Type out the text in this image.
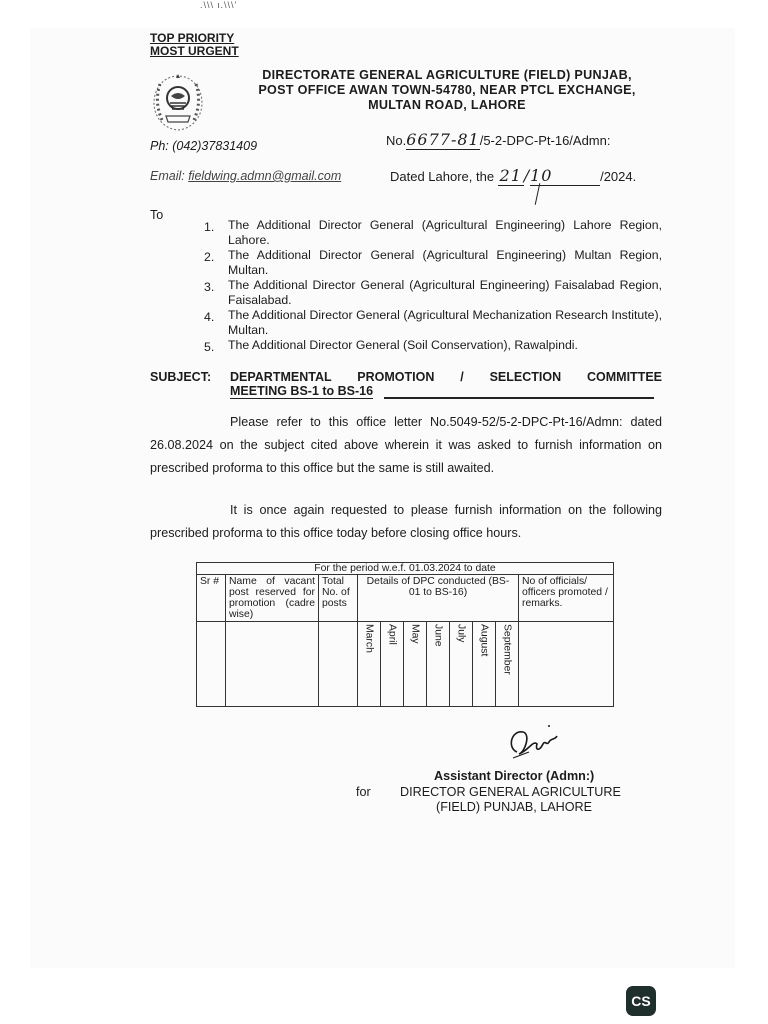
.\\\ ι.\\\'
TOP PRIORITY
MOST URGENT
DIRECTORATE GENERAL AGRICULTURE (FIELD) PUNJAB,
POST OFFICE AWAN TOWN-54780, NEAR PTCL EXCHANGE,
MULTAN ROAD, LAHORE
Ph: (042)37831409	No.6677-81/5-2-DPC-Pt-16/Admn:
Email: fieldwing.admn@gmail.com	Dated Lahore, the 21 /10	/2024.
To
1. The Additional Director General (Agricultural Engineering) Lahore Region, Lahore.
2. The Additional Director General (Agricultural Engineering) Multan Region, Multan.
3. The Additional Director General (Agricultural Engineering) Faisalabad Region, Faisalabad.
4. The Additional Director General (Agricultural Mechanization Research Institute), Multan.
5. The Additional Director General (Soil Conservation), Rawalpindi.
SUBJECT: DEPARTMENTAL PROMOTION / SELECTION COMMITTEE
MEETING BS-1 to BS-16
Please refer to this office letter No.5049-52/5-2-DPC-Pt-16/Admn: dated 26.08.2024 on the subject cited above wherein it was asked to furnish information on prescribed proforma to this office but the same is still awaited.
It is once again requested to please furnish information on the following prescribed proforma to this office today before closing office hours.
For the period w.e.f. 01.03.2024 to date										
Sr #	Name of vacant post reserved for promotion (cadre wise)	Total No. of posts	Details of DPC conducted (BS-01 to BS-16)							No of officials/ officers promoted / remarks.
			March	April	May	June	July	August	September	
Assistant Director (Admn:)
for DIRECTOR GENERAL AGRICULTURE
(FIELD) PUNJAB, LAHORE
CS
